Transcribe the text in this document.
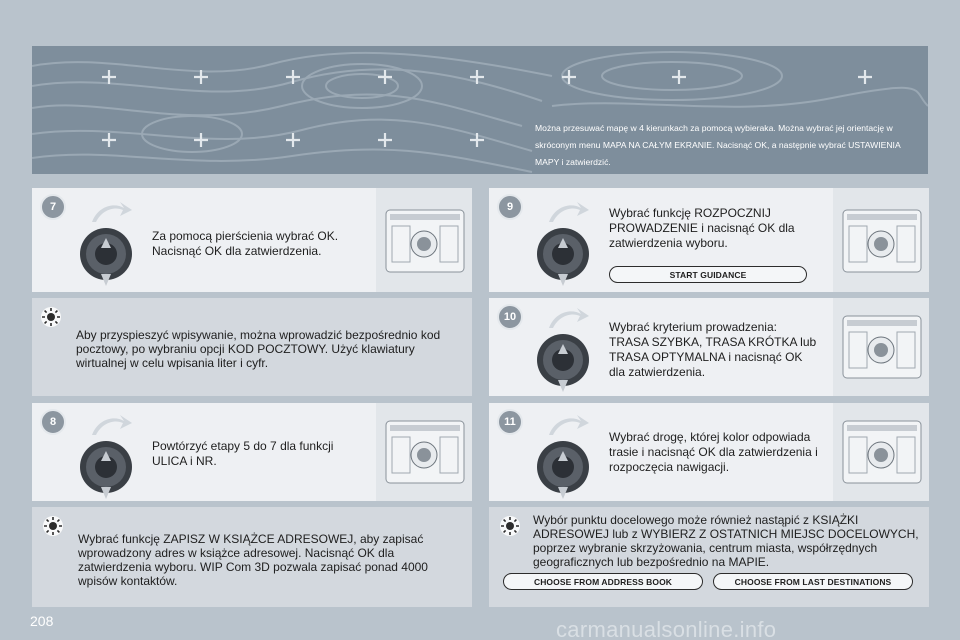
Można przesuwać mapę w 4 kierunkach za pomocą wybieraka. Można wybrać jej orientację w skróconym menu MAPA NA CAŁYM EKRANIE. Nacisnąć OK, a następnie wybrać USTAWIENIA MAPY i zatwierdzić.
7
Za pomocą pierścienia wybrać OK. Nacisnąć OK dla zatwierdzenia.
Aby przyspieszyć wpisywanie, można wprowadzić bezpośrednio kod pocztowy, po wybraniu opcji KOD POCZTOWY. Użyć klawiatury wirtualnej w celu wpisania liter i cyfr.
8
Powtórzyć etapy 5 do 7 dla funkcji ULICA i NR.
Wybrać funkcję ZAPISZ W KSIĄŻCE ADRESOWEJ, aby zapisać wprowadzony adres w książce adresowej. Nacisnąć OK dla zatwierdzenia wyboru. WIP Com 3D pozwala zapisać ponad 4000 wpisów kontaktów.
9	Wybrać funkcję ROZPOCZNIJ PROWADZENIE i nacisnąć OK dla zatwierdzenia wyboru.
START GUIDANCE
10
Wybrać kryterium prowadzenia: TRASA SZYBKA, TRASA KRÓTKA lub TRASA OPTYMALNA i nacisnąć OK dla zatwierdzenia.
11
Wybrać drogę, której kolor odpowiada trasie i nacisnąć OK dla zatwierdzenia i rozpoczęcia nawigacji.
Wybór punktu docelowego może również nastąpić z KSIĄŻKI ADRESOWEJ lub z WYBIERZ Z OSTATNICH MIEJSC DOCELOWYCH, poprzez wybranie skrzyżowania, centrum miasta, współrzędnych geograficznych lub bezpośrednio na MAPIE.
CHOOSE FROM ADDRESS BOOK	CHOOSE FROM LAST DESTINATIONS
208	carmanualsonline.info
